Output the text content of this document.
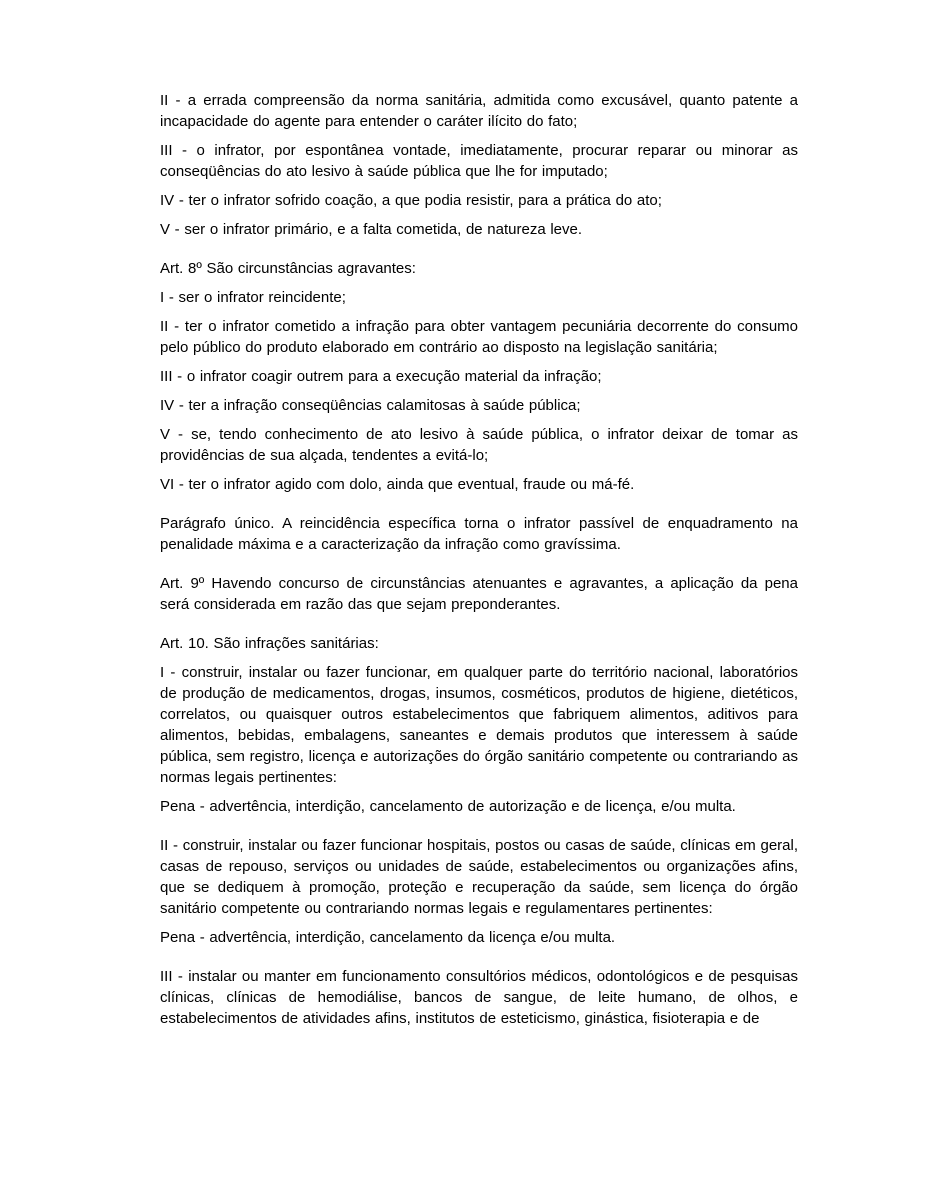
II - a errada compreensão da norma sanitária, admitida como excusável, quanto patente a incapacidade do agente para entender o caráter ilícito do fato;

III - o infrator, por espontânea vontade, imediatamente, procurar reparar ou minorar as conseqüências do ato lesivo à saúde pública que lhe for imputado;

IV - ter o infrator sofrido coação, a que podia resistir, para a prática do ato;

V - ser o infrator primário, e a falta cometida, de natureza leve.

Art. 8º São circunstâncias agravantes:

I - ser o infrator reincidente;

II - ter o infrator cometido a infração para obter vantagem pecuniária decorrente do consumo pelo público do produto elaborado em contrário ao disposto na legislação sanitária;

III - o infrator coagir outrem para a execução material da infração;

IV - ter a infração conseqüências calamitosas à saúde pública;

V - se, tendo conhecimento de ato lesivo à saúde pública, o infrator deixar de tomar as providências de sua alçada, tendentes a evitá-lo;

VI - ter o infrator agido com dolo, ainda que eventual, fraude ou má-fé.

Parágrafo único. A reincidência específica torna o infrator passível de enquadramento na penalidade máxima e a caracterização da infração como gravíssima.

Art. 9º Havendo concurso de circunstâncias atenuantes e agravantes, a aplicação da pena será considerada em razão das que sejam preponderantes.

Art. 10. São infrações sanitárias:

I - construir, instalar ou fazer funcionar, em qualquer parte do território nacional, laboratórios de produção de medicamentos, drogas, insumos, cosméticos, produtos de higiene, dietéticos, correlatos, ou quaisquer outros estabelecimentos que fabriquem alimentos, aditivos para alimentos, bebidas, embalagens, saneantes e demais produtos que interessem à saúde pública, sem registro, licença e autorizações do órgão sanitário competente ou contrariando as normas legais pertinentes:

Pena - advertência, interdição, cancelamento de autorização e de licença, e/ou multa.

II - construir, instalar ou fazer funcionar hospitais, postos ou casas de saúde, clínicas em geral, casas de repouso, serviços ou unidades de saúde, estabelecimentos ou organizações afins, que se dediquem à promoção, proteção e recuperação da saúde, sem licença do órgão sanitário competente ou contrariando normas legais e regulamentares pertinentes:

Pena - advertência, interdição, cancelamento da licença e/ou multa.

III - instalar ou manter em funcionamento consultórios médicos, odontológicos e de pesquisas clínicas, clínicas de hemodiálise, bancos de sangue, de leite humano, de olhos, e estabelecimentos de atividades afins, institutos de esteticismo, ginástica, fisioterapia e de
